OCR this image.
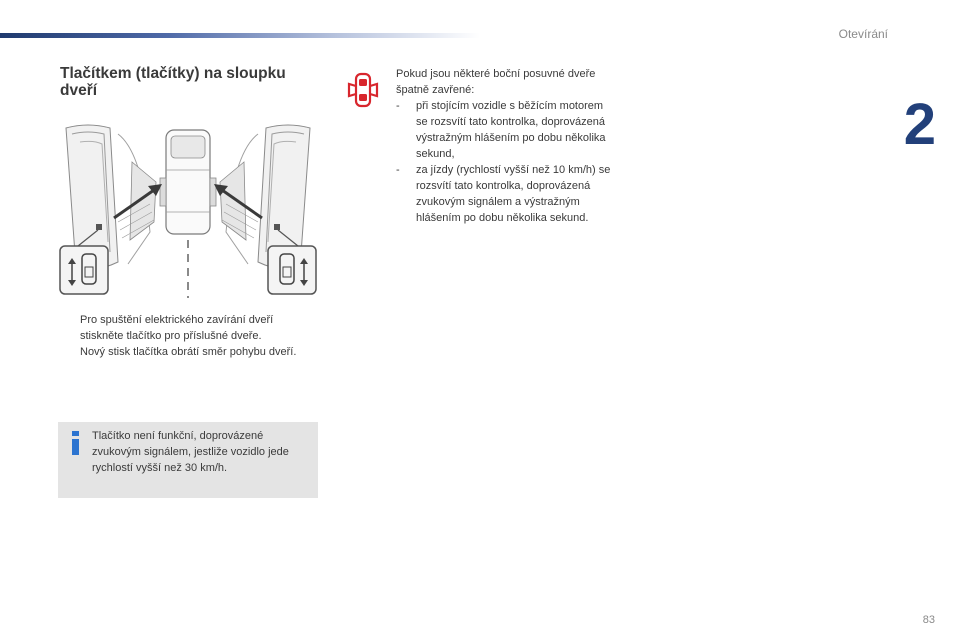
Otevírání
2
83
Tlačítkem (tlačítky) na sloupku dveří
Pro spuštění elektrického zavírání dveří stiskněte tlačítko pro příslušné dveře.
Nový stisk tlačítka obrátí směr pohybu dveří.
Tlačítko není funkční, doprovázené zvukovým signálem, jestliže vozidlo jede rychlostí vyšší než 30 km/h.

Pokud jsou některé boční posuvné dveře špatně zavřené:

- při stojícím vozidle s běžícím motorem se rozsvítí tato kontrolka, doprovázená výstražným hlášením po dobu několika sekund,
- za jízdy (rychlostí vyšší než 10 km/h) se rozsvítí tato kontrolka, doprovázená zvukovým signálem a výstražným hlášením po dobu několika sekund.
